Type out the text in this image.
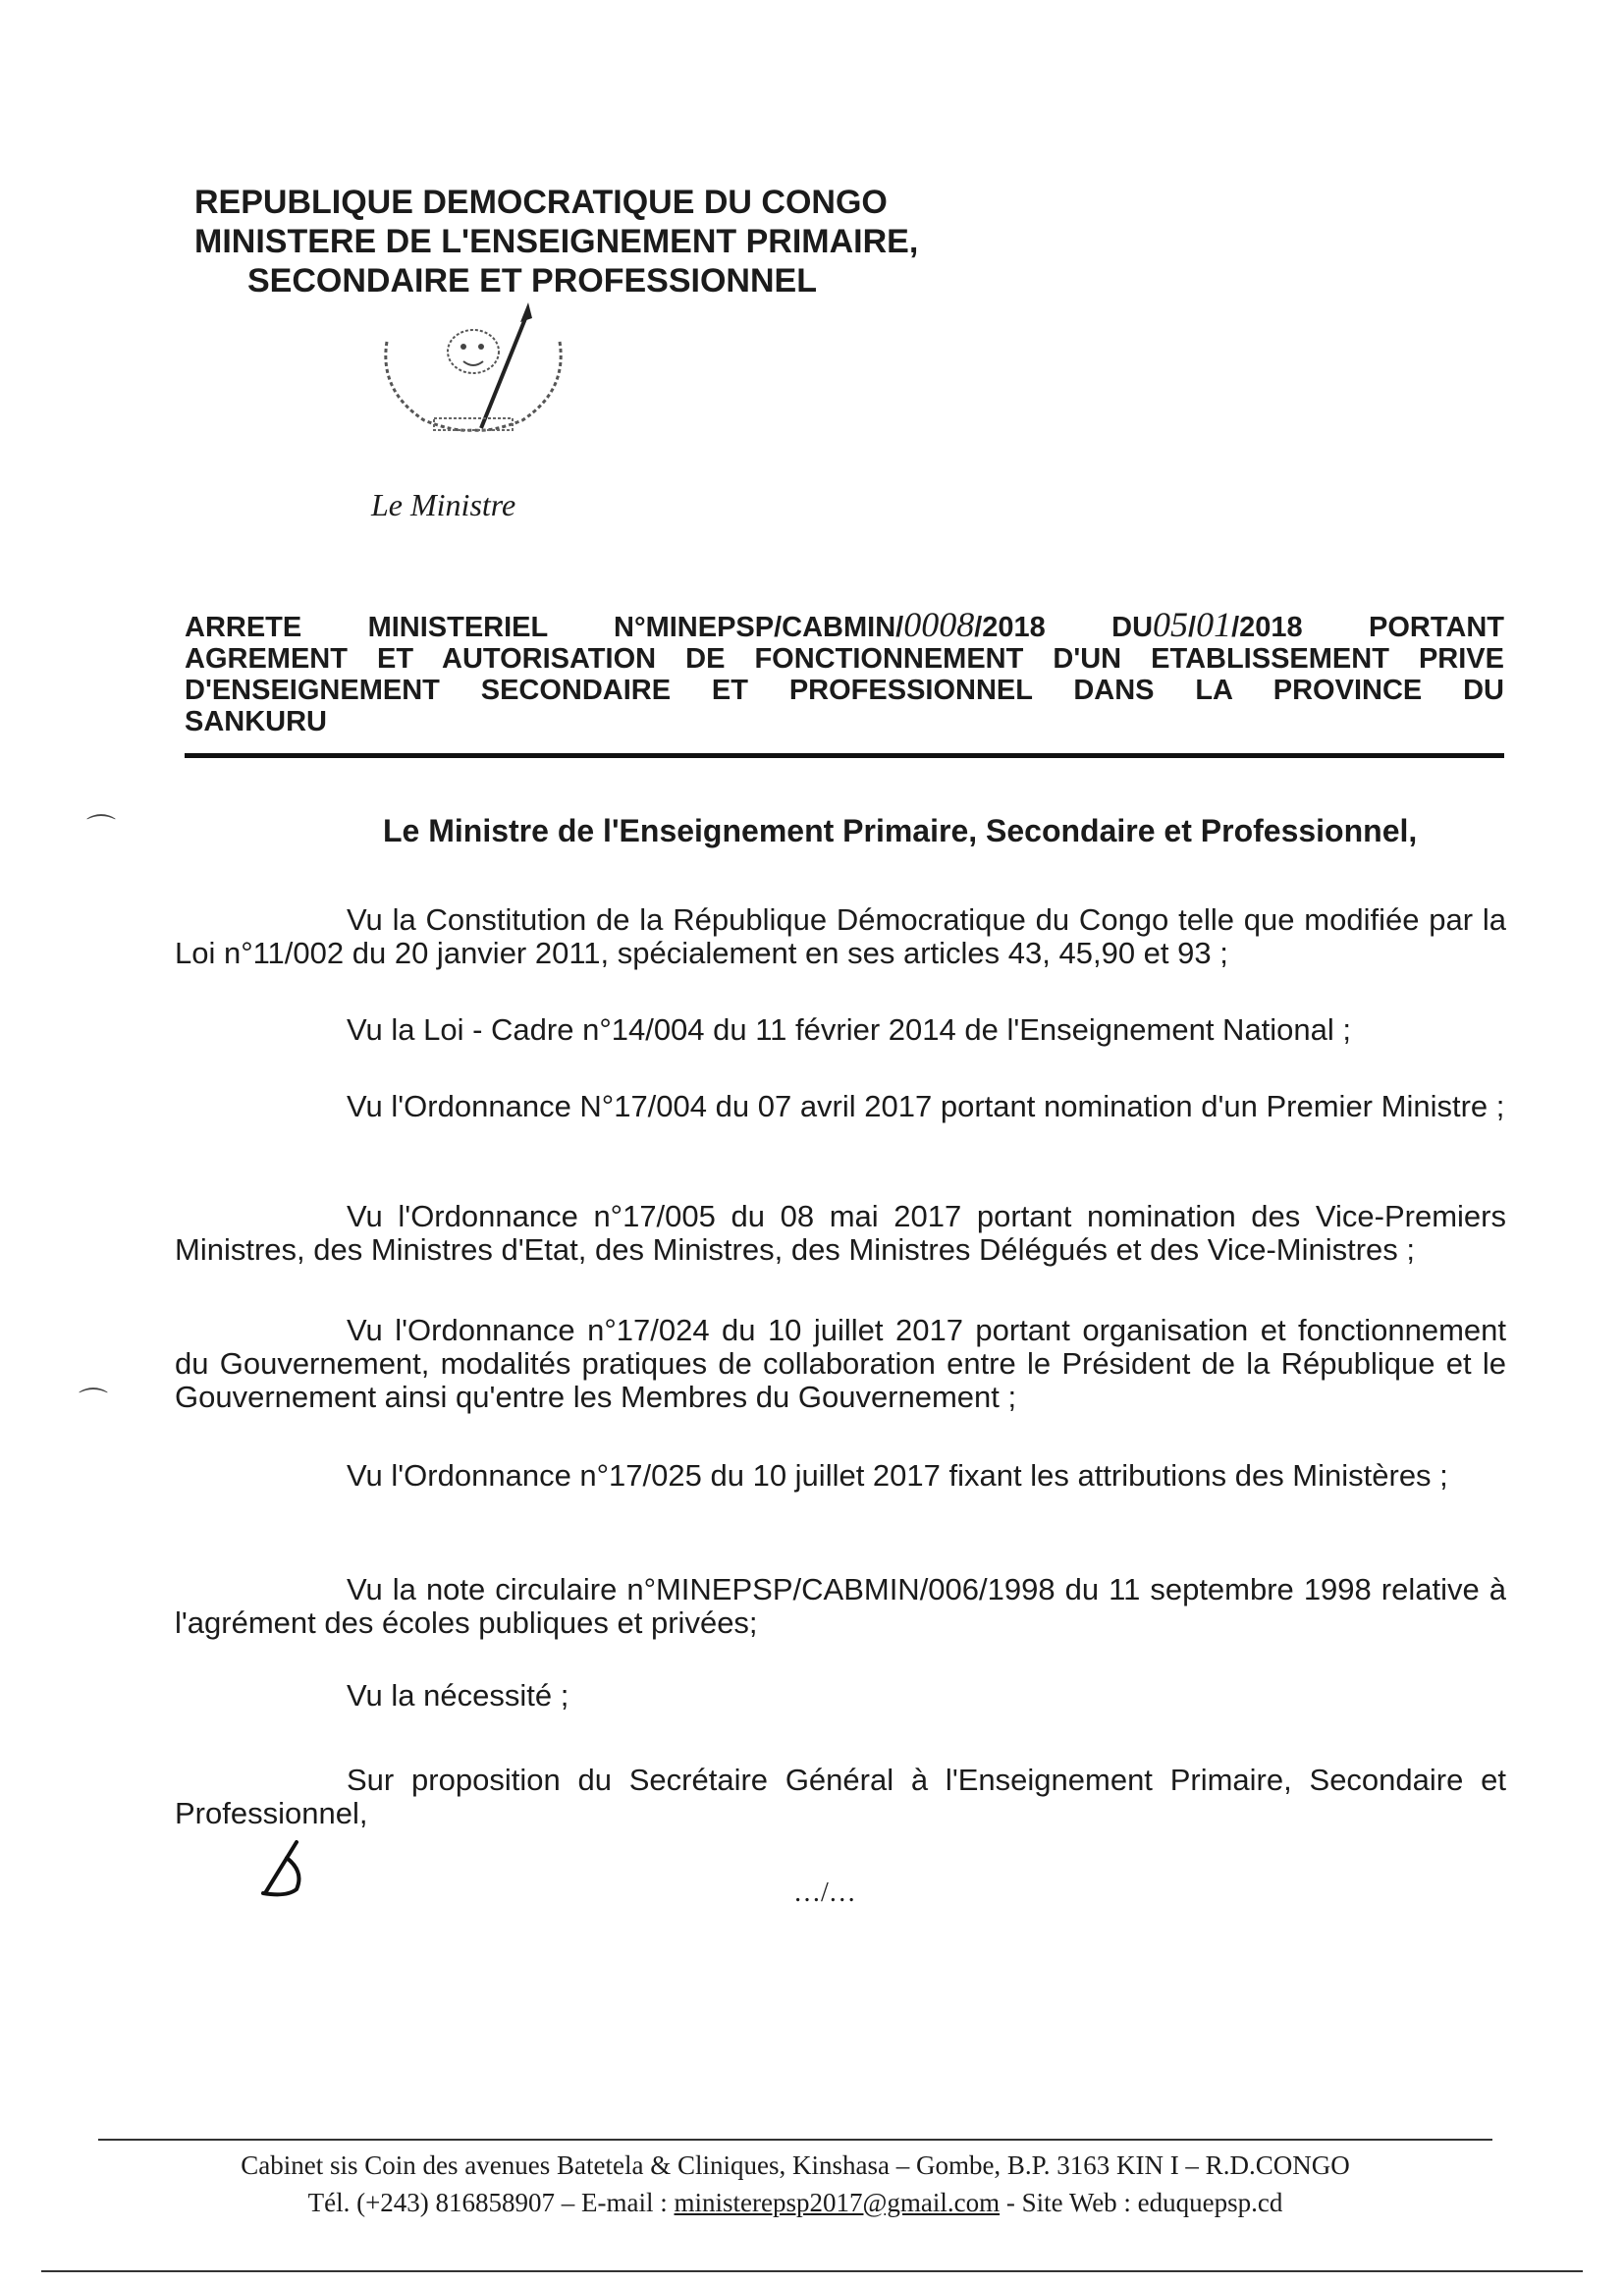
REPUBLIQUE DEMOCRATIQUE DU CONGO
MINISTERE DE L'ENSEIGNEMENT PRIMAIRE,
SECONDAIRE ET PROFESSIONNEL
Le Ministre
ARRETE MINISTERIEL N°MINEPSP/CABMIN/0008/2018 DU05/01/2018 PORTANT
AGREMENT ET AUTORISATION DE FONCTIONNEMENT D'UN ETABLISSEMENT PRIVE
D'ENSEIGNEMENT SECONDAIRE ET PROFESSIONNEL DANS LA PROVINCE DU
SANKURU
Le Ministre de l'Enseignement Primaire, Secondaire et Professionnel,
Vu la Constitution de la République Démocratique du Congo telle que modifiée par la Loi n°11/002 du 20 janvier 2011, spécialement en ses articles 43, 45,90 et 93 ;
Vu la Loi - Cadre n°14/004 du 11 février 2014 de l'Enseignement National ;
Vu l'Ordonnance N°17/004 du 07 avril 2017 portant nomination d'un Premier Ministre ;
Vu l'Ordonnance n°17/005 du 08 mai 2017 portant nomination des Vice-Premiers Ministres, des Ministres d'Etat, des Ministres, des Ministres Délégués et des Vice-Ministres ;
Vu l'Ordonnance n°17/024 du 10 juillet 2017 portant organisation et fonctionnement du Gouvernement, modalités pratiques de collaboration entre le Président de la République et le Gouvernement ainsi qu'entre les Membres du Gouvernement ;
Vu l'Ordonnance n°17/025 du 10 juillet 2017 fixant les attributions des Ministères ;
Vu la note circulaire n°MINEPSP/CABMIN/006/1998 du 11 septembre 1998 relative à l'agrément des écoles publiques et privées;
Vu la nécessité ;
Sur proposition du Secrétaire Général à l'Enseignement Primaire, Secondaire et Professionnel,
…/…
Cabinet sis Coin des avenues Batetela & Cliniques, Kinshasa – Gombe, B.P. 3163 KIN I – R.D.CONGO
Tél. (+243) 816858907 – E-mail : ministerepsp2017@gmail.com - Site Web : eduquepsp.cd
⌒
⌒
